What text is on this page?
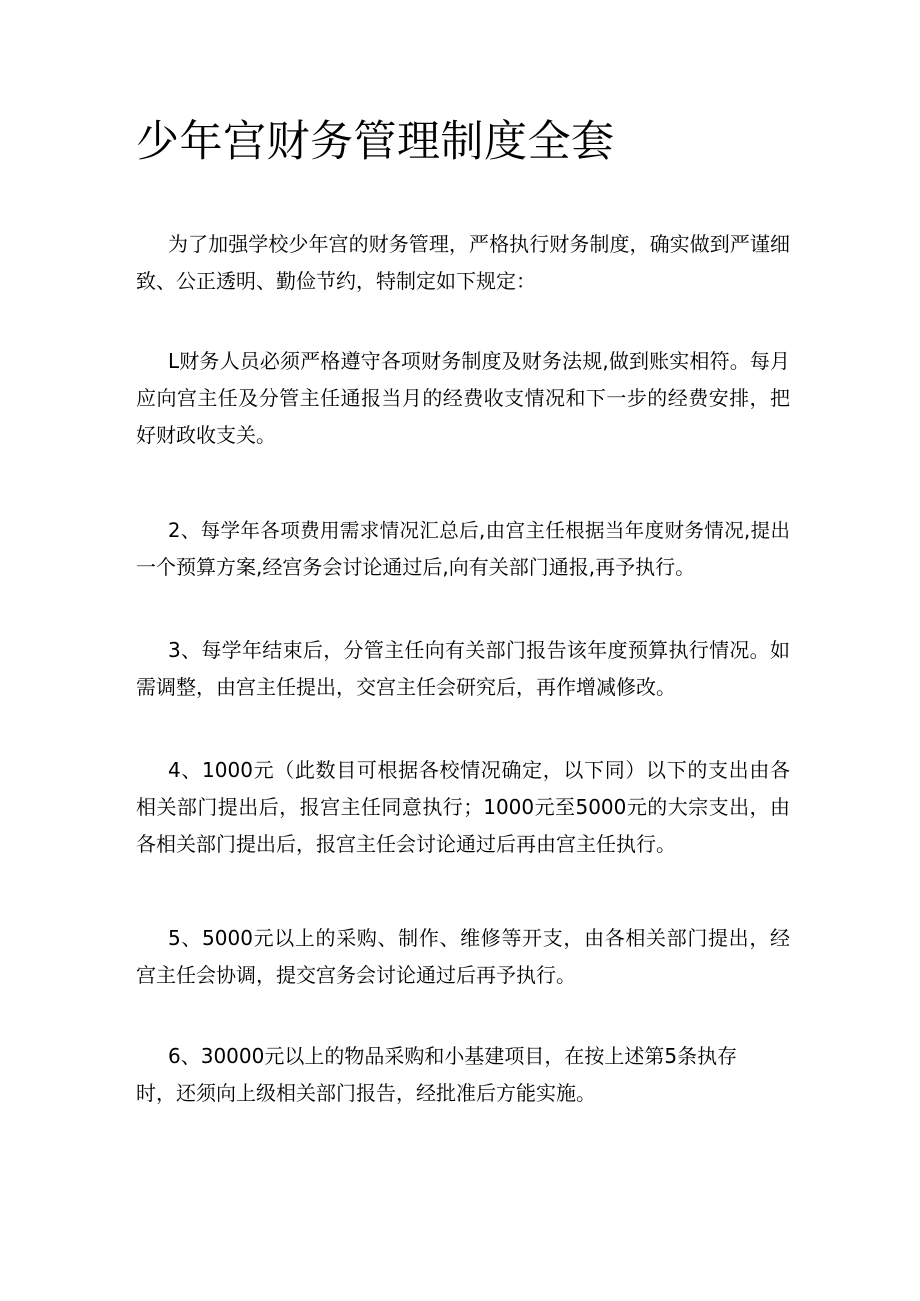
少年宫财务管理制度全套
为了加强学校少年宫的财务管理，严格执行财务制度，确实做到严谨细
致、公正透明、勤俭节约，特制定如下规定：
L财务人员必须严格遵守各项财务制度及财务法规,做到账实相符。每月
应向宫主任及分管主任通报当月的经费收支情况和下一步的经费安排，把
好财政收支关。
2、每学年各项费用需求情况汇总后,由宫主任根据当年度财务情况,提出
一个预算方案,经宫务会讨论通过后,向有关部门通报,再予执行。
3、每学年结束后，分管主任向有关部门报告该年度预算执行情况。如
需调整，由宫主任提出，交宫主任会研究后，再作增减修改。
4、1000元（此数目可根据各校情况确定，以下同）以下的支出由各
相关部门提出后，报宫主任同意执行；1000元至5000元的大宗支出，由
各相关部门提出后，报宫主任会讨论通过后再由宫主任执行。
5、5000元以上的采购、制作、维修等开支，由各相关部门提出，经
宫主任会协调，提交宫务会讨论通过后再予执行。
6、30000元以上的物品采购和小基建项目，在按上述第5条执存
时，还须向上级相关部门报告，经批准后方能实施。
